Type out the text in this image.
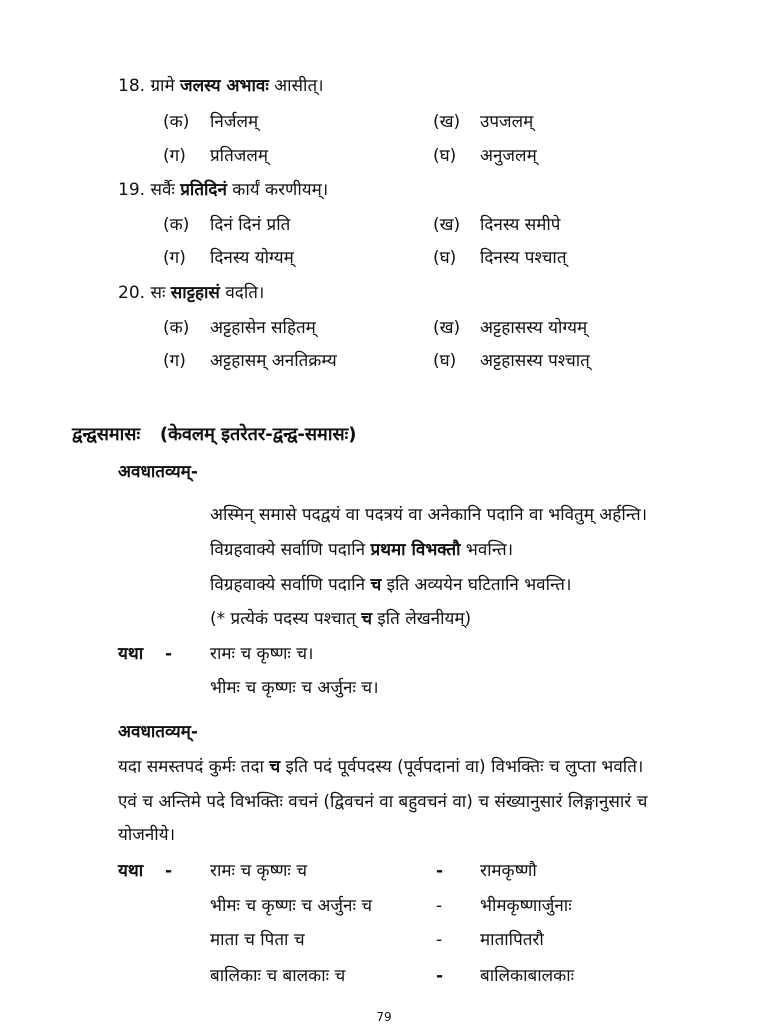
18. ग्रामे जलस्य अभावः आसीत्।
(क) निर्जलम्	(ख) उपजलम्
(ग) प्रतिजलम्	(घ) अनुजलम्
19. सर्वैः प्रतिदिनं कार्यं करणीयम्।
(क) दिनं दिनं प्रति	(ख) दिनस्य समीपे
(ग) दिनस्य योग्यम्	(घ) दिनस्य पश्चात्
20. सः साट्टहासं वदति।
(क) अट्टहासेन सहितम्	(ख) अट्टहासस्य योग्यम्
(ग) अट्टहासम् अनतिक्रम्य	(घ) अट्टहासस्य पश्चात्
द्वन्द्वसमासः (केवलम् इतरेतर-द्वन्द्व-समासः)
अवधातव्यम्-
अस्मिन् समासे पदद्वयं वा पदत्रयं वा अनेकानि पदानि वा भवितुम् अर्हन्ति।
विग्रहवाक्ये सर्वाणि पदानि प्रथमा विभक्तौ भवन्ति।
विग्रहवाक्ये सर्वाणि पदानि च इति अव्ययेन घटितानि भवन्ति।
(* प्रत्येकं पदस्य पश्चात् च इति लेखनीयम्)
यथा - रामः च कृष्णः च।
भीमः च कृष्णः च अर्जुनः च।
अवधातव्यम्-
यदा समस्तपदं कुर्मः तदा च इति पदं पूर्वपदस्य (पूर्वपदानां वा) विभक्तिः च लुप्ता भवति।
एवं च अन्तिमे पदे विभक्तिः वचनं (द्विवचनं वा बहुवचनं वा) च संख्यानुसारं लिङ्गानुसारं च
योजनीये।
यथा - रामः च कृष्णः च	- रामकृष्णौ
भीमः च कृष्णः च अर्जुनः च	- भीमकृष्णार्जुनाः
माता च पिता च	- मातापितरौ
बालिकाः च बालकाः च	- बालिकाबालकाः
79
